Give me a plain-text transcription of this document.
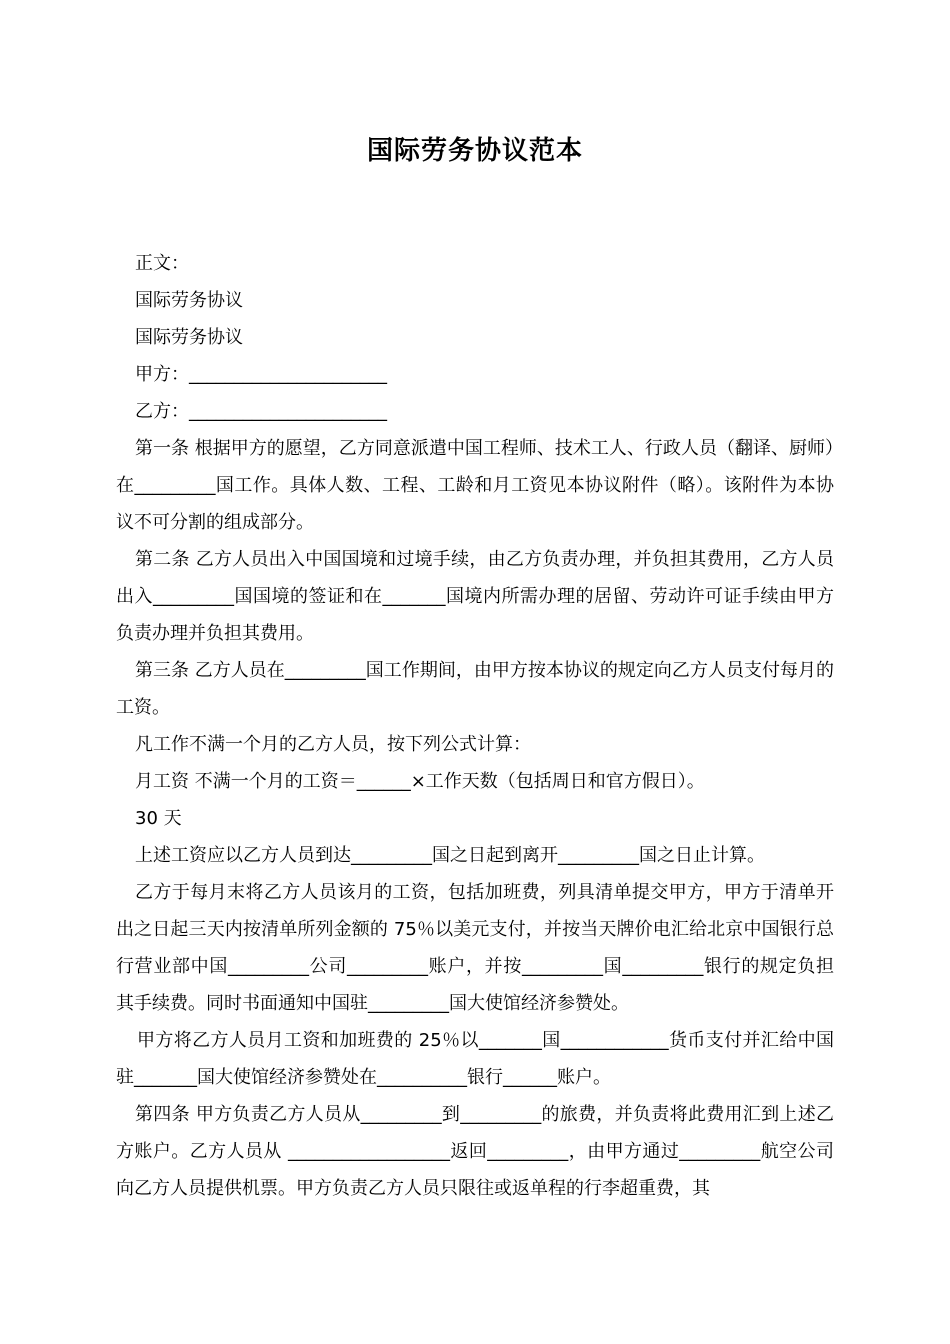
国际劳务协议范本

正文：

国际劳务协议

国际劳务协议

甲方：______________________

乙方：______________________

第一条 根据甲方的愿望，乙方同意派遣中国工程师、技术工人、行政人员（翻译、厨师）在_________国工作。具体人数、工程、工龄和月工资见本协议附件（略）。该附件为本协议不可分割的组成部分。

第二条 乙方人员出入中国国境和过境手续，由乙方负责办理，并负担其费用，乙方人员出入_________国国境的签证和在_______国境内所需办理的居留、劳动许可证手续由甲方负责办理并负担其费用。

第三条 乙方人员在_________国工作期间，由甲方按本协议的规定向乙方人员支付每月的工资。

凡工作不满一个月的乙方人员，按下列公式计算：

月工资 不满一个月的工资＝______×工作天数（包括周日和官方假日）。

30 天

上述工资应以乙方人员到达_________国之日起到离开_________国之日止计算。

乙方于每月末将乙方人员该月的工资，包括加班费，列具清单提交甲方，甲方于清单开出之日起三天内按清单所列金额的 75％以美元支付，并按当天牌价电汇给北京中国银行总行营业部中国_________公司_________账户，并按_________国_________银行的规定负担其手续费。同时书面通知中国驻_________国大使馆经济参赞处。

甲方将乙方人员月工资和加班费的 25％以_______国____________货币支付并汇给中国驻_______国大使馆经济参赞处在__________银行______账户。

第四条 甲方负责乙方人员从_________到_________的旅费，并负责将此费用汇到上述乙方账户。乙方人员从 __________________返回_________，由甲方通过_________航空公司向乙方人员提供机票。甲方负责乙方人员只限往或返单程的行李超重费，其
